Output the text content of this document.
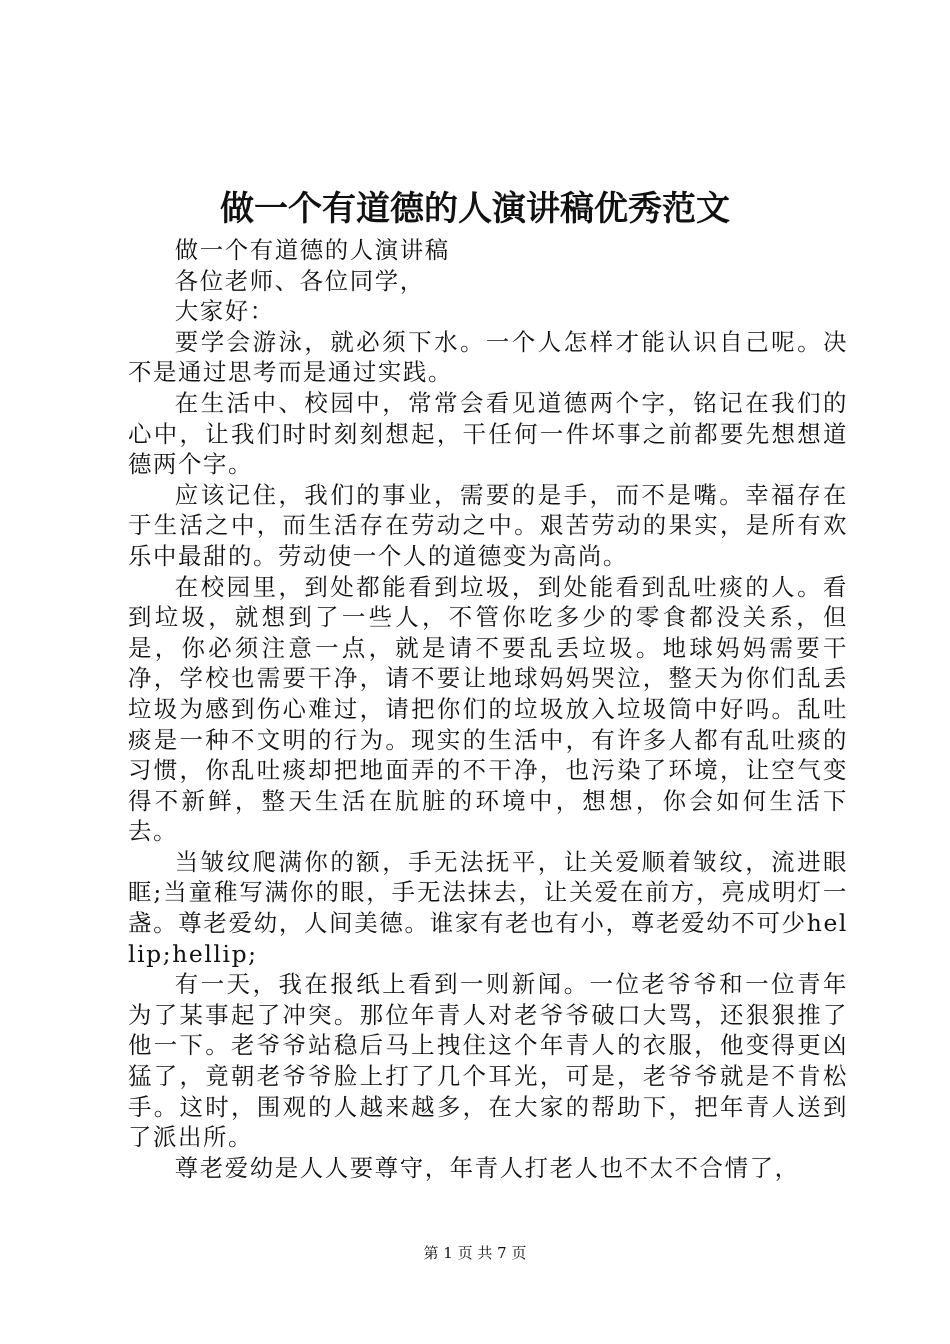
做一个有道德的人演讲稿优秀范文

做一个有道德的人演讲稿

各位老师、各位同学，

大家好：

要学会游泳，就必须下水。一个人怎样才能认识自己呢。决不是通过思考而是通过实践。

在生活中、校园中，常常会看见道德两个字，铭记在我们的心中，让我们时时刻刻想起，干任何一件坏事之前都要先想想道德两个字。

应该记住，我们的事业，需要的是手，而不是嘴。幸福存在于生活之中，而生活存在劳动之中。艰苦劳动的果实，是所有欢乐中最甜的。劳动使一个人的道德变为高尚。

在校园里，到处都能看到垃圾，到处能看到乱吐痰的人。看到垃圾，就想到了一些人，不管你吃多少的零食都没关系，但是，你必须注意一点，就是请不要乱丢垃圾。地球妈妈需要干净，学校也需要干净，请不要让地球妈妈哭泣，整天为你们乱丢垃圾为感到伤心难过，请把你们的垃圾放入垃圾筒中好吗。乱吐痰是一种不文明的行为。现实的生活中，有许多人都有乱吐痰的习惯，你乱吐痰却把地面弄的不干净，也污染了环境，让空气变得不新鲜，整天生活在肮脏的环境中，想想，你会如何生活下去。

当皱纹爬满你的额，手无法抚平，让关爱顺着皱纹，流进眼眶;当童稚写满你的眼，手无法抹去，让关爱在前方，亮成明灯一盏。尊老爱幼，人间美德。谁家有老也有小，尊老爱幼不可少hellip;hellip;

有一天，我在报纸上看到一则新闻。一位老爷爷和一位青年为了某事起了冲突。那位年青人对老爷爷破口大骂，还狠狠推了他一下。老爷爷站稳后马上拽住这个年青人的衣服，他变得更凶猛了，竟朝老爷爷脸上打了几个耳光，可是，老爷爷就是不肯松手。这时，围观的人越来越多，在大家的帮助下，把年青人送到了派出所。

尊老爱幼是人人要尊守，年青人打老人也不太不合情了，

第 1 页 共 7 页
